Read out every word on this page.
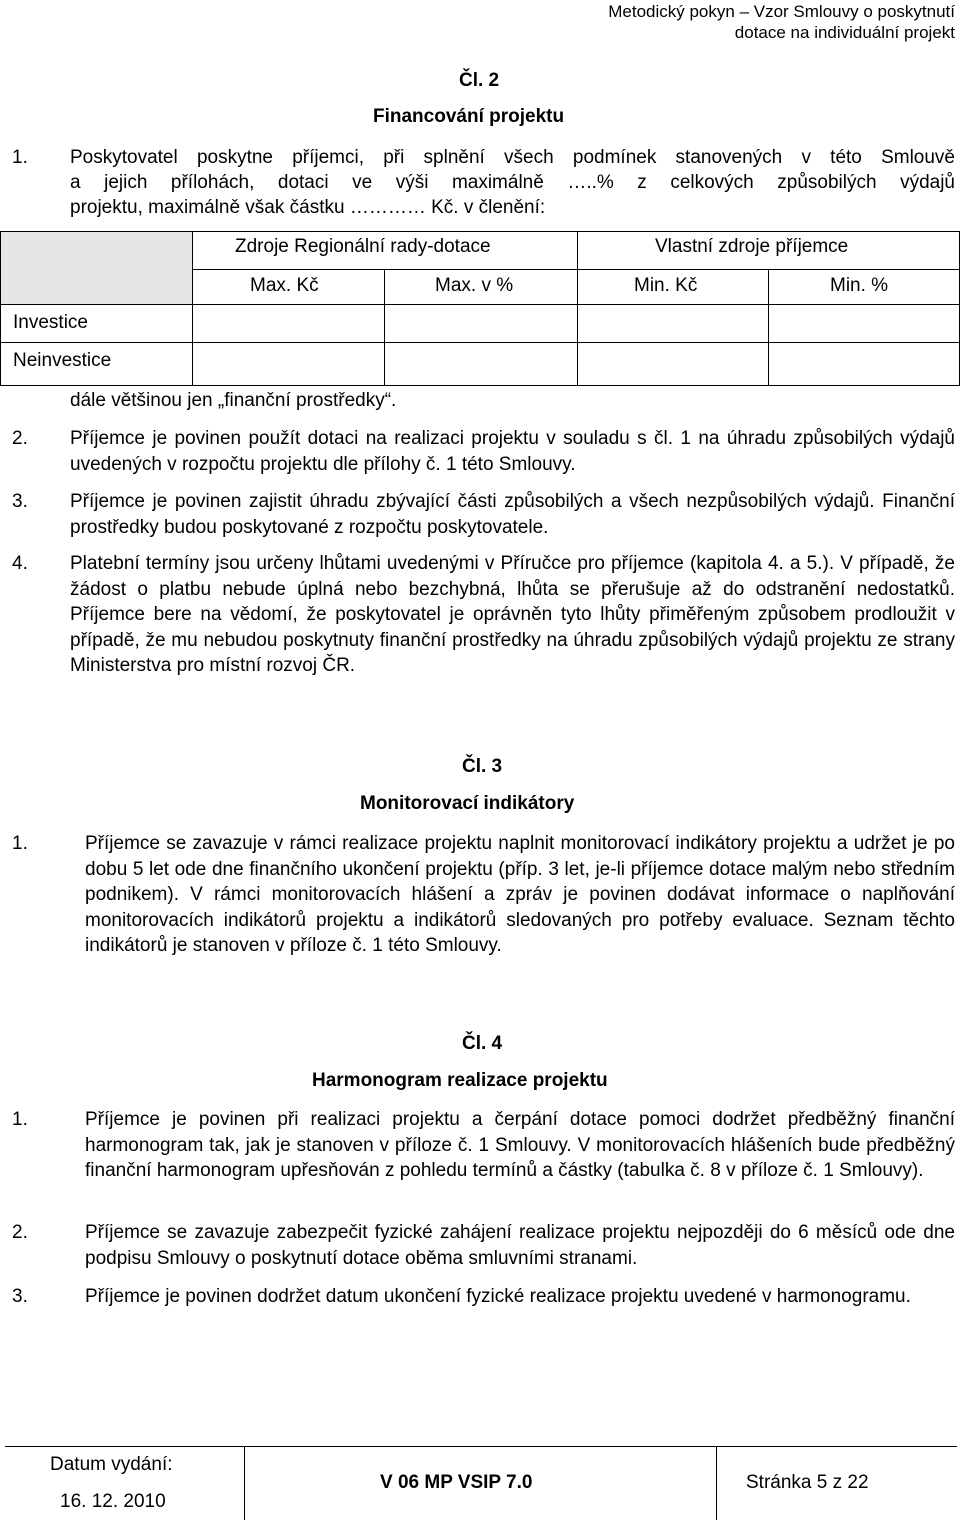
Metodický pokyn – Vzor Smlouvy o poskytnutí
dotace na individuální projekt
Čl. 2
Financování projektu
1. Poskytovatel poskytne příjemci, při splnění všech podmínek stanovených v této Smlouvě
a jejich přílohách, dotaci ve výši maximálně …..% z celkových způsobilých výdajů
projektu, maximálně však částku ………… Kč. v členění:
Zdroje Regionální rady-dotace	Vlastní zdroje příjemce
Max. Kč	Max. v %	Min. Kč	Min. %
Investice
Neinvestice
dále většinou jen „finanční prostředky“.
2. Příjemce je povinen použít dotaci na realizaci projektu v souladu s čl. 1 na úhradu způsobilých výdajů uvedených v rozpočtu projektu dle přílohy č. 1 této Smlouvy.
3. Příjemce je povinen zajistit úhradu zbývající části způsobilých a všech nezpůsobilých výdajů. Finanční prostředky budou poskytované z rozpočtu poskytovatele.
4. Platební termíny jsou určeny lhůtami uvedenými v Příručce pro příjemce (kapitola 4. a 5.). V případě, že žádost o platbu nebude úplná nebo bezchybná, lhůta se přerušuje až do odstranění nedostatků. Příjemce bere na vědomí, že poskytovatel je oprávněn tyto lhůty přiměřeným způsobem prodloužit v případě, že mu nebudou poskytnuty finanční prostředky na úhradu způsobilých výdajů projektu ze strany Ministerstva pro místní rozvoj ČR.
Čl. 3
Monitorovací indikátory
1.	Příjemce se zavazuje v rámci realizace projektu naplnit monitorovací indikátory projektu a udržet je po dobu 5 let ode dne finančního ukončení projektu (příp. 3 let, je-li příjemce dotace malým nebo středním podnikem). V rámci monitorovacích hlášení a zpráv je povinen dodávat informace o naplňování monitorovacích indikátorů projektu a indikátorů sledovaných pro potřeby evaluace. Seznam těchto indikátorů je stanoven v příloze č. 1 této Smlouvy.
Čl. 4
Harmonogram realizace projektu
1.	Příjemce je povinen při realizaci projektu a čerpání dotace pomoci dodržet předběžný finanční harmonogram tak, jak je stanoven v příloze č. 1 Smlouvy. V monitorovacích hlášeních bude předběžný finanční harmonogram upřesňován z pohledu termínů a částky (tabulka č. 8 v příloze č. 1 Smlouvy).
2.	Příjemce se zavazuje zabezpečit fyzické zahájení realizace projektu nejpozději do 6 měsíců ode dne podpisu Smlouvy o poskytnutí dotace oběma smluvními stranami.
3.	Příjemce je povinen dodržet datum ukončení fyzické realizace projektu uvedené v harmonogramu.
Datum vydání:
16. 12. 2010
V 06 MP VSIP 7.0	Stránka 5 z 22
